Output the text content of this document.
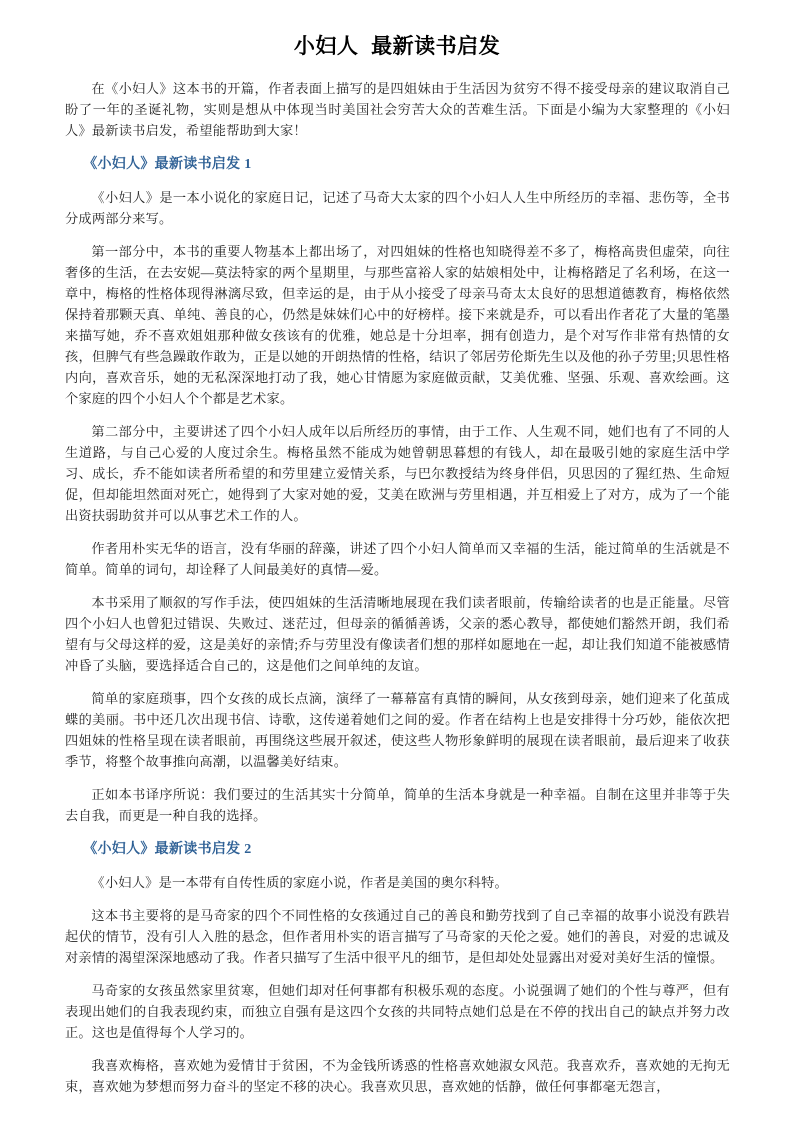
小妇人  最新读书启发

在《小妇人》这本书的开篇，作者表面上描写的是四姐妹由于生活因为贫穷不得不接受母亲的建议取消自己盼了一年的圣诞礼物，实则是想从中体现当时美国社会穷苦大众的苦难生活。下面是小编为大家整理的《小妇人》最新读书启发，希望能帮助到大家！

《小妇人》最新读书启发 1

《小妇人》是一本小说化的家庭日记，记述了马奇大太家的四个小妇人人生中所经历的幸福、悲伤等，全书分成两部分来写。

第一部分中，本书的重要人物基本上都出场了，对四姐妹的性格也知晓得差不多了，梅格高贵但虚荣，向往奢侈的生活，在去安妮—莫法特家的两个星期里，与那些富裕人家的姑娘相处中，让梅格踏足了名利场，在这一章中，梅格的性格体现得淋漓尽致，但幸运的是，由于从小接受了母亲马奇太太良好的思想道德教育，梅格依然保持着那颗天真、单纯、善良的心，仍然是妹妹们心中的好榜样。接下来就是乔，可以看出作者花了大量的笔墨来描写她，乔不喜欢姐姐那种做女孩该有的优雅，她总是十分坦率，拥有创造力，是个对写作非常有热情的女孩，但脾气有些急躁敢作敢为，正是以她的开朗热情的性格，结识了邻居劳伦斯先生以及他的孙子劳里;贝思性格内向，喜欢音乐，她的无私深深地打动了我，她心甘情愿为家庭做贡献，艾美优雅、坚强、乐观、喜欢绘画。这个家庭的四个小妇人个个都是艺术家。

第二部分中，主要讲述了四个小妇人成年以后所经历的事情，由于工作、人生观不同，她们也有了不同的人生道路，与自己心爱的人度过余生。梅格虽然不能成为她曾朝思暮想的有钱人，却在最吸引她的家庭生活中学习、成长，乔不能如读者所希望的和劳里建立爱情关系，与巴尔教授结为终身伴侣，贝思因的了猩红热、生命短促，但却能坦然面对死亡，她得到了大家对她的爱，艾美在欧洲与劳里相遇，并互相爱上了对方，成为了一个能出资扶弱助贫并可以从事艺术工作的人。

作者用朴实无华的语言，没有华丽的辞藻，讲述了四个小妇人简单而又幸福的生活，能过简单的生活就是不简单。简单的词句，却诠释了人间最美好的真情—爱。

本书采用了顺叙的写作手法，使四姐妹的生活清晰地展现在我们读者眼前，传输给读者的也是正能量。尽管四个小妇人也曾犯过错误、失败过、迷茫过，但母亲的循循善诱，父亲的悉心教导，都使她们豁然开朗，我们希望有与父母这样的爱，这是美好的亲情;乔与劳里没有像读者们想的那样如愿地在一起，却让我们知道不能被感情冲昏了头脑，要选择适合自己的，这是他们之间单纯的友谊。

简单的家庭琐事，四个女孩的成长点滴，演绎了一幕幕富有真情的瞬间，从女孩到母亲，她们迎来了化茧成蝶的美丽。书中还几次出现书信、诗歌，这传递着她们之间的爱。作者在结构上也是安排得十分巧妙，能依次把四姐妹的性格呈现在读者眼前，再围绕这些展开叙述，使这些人物形象鲜明的展现在读者眼前，最后迎来了收获季节，将整个故事推向高潮，以温馨美好结束。

正如本书译序所说：我们要过的生活其实十分简单，简单的生活本身就是一种幸福。自制在这里并非等于失去自我，而更是一种自我的选择。

《小妇人》最新读书启发 2

《小妇人》是一本带有自传性质的家庭小说，作者是美国的奥尔科特。

这本书主要将的是马奇家的四个不同性格的女孩通过自己的善良和勤劳找到了自己幸福的故事小说没有跌岩起伏的情节，没有引人入胜的悬念，但作者用朴实的语言描写了马奇家的天伦之爱。她们的善良，对爱的忠诚及对亲情的渴望深深地感动了我。作者只描写了生活中很平凡的细节，是但却处处显露出对爱对美好生活的憧憬。

马奇家的女孩虽然家里贫寒，但她们却对任何事都有积极乐观的态度。小说强调了她们的个性与尊严，但有表现出她们的自我表现约束，而独立自强有是这四个女孩的共同特点她们总是在不停的找出自己的缺点并努力改正。这也是值得每个人学习的。

我喜欢梅格，喜欢她为爱情甘于贫困，不为金钱所诱惑的性格喜欢她淑女风范。我喜欢乔，喜欢她的无拘无束，喜欢她为梦想而努力奋斗的坚定不移的决心。我喜欢贝思，喜欢她的恬静，做任何事都毫无怨言，
